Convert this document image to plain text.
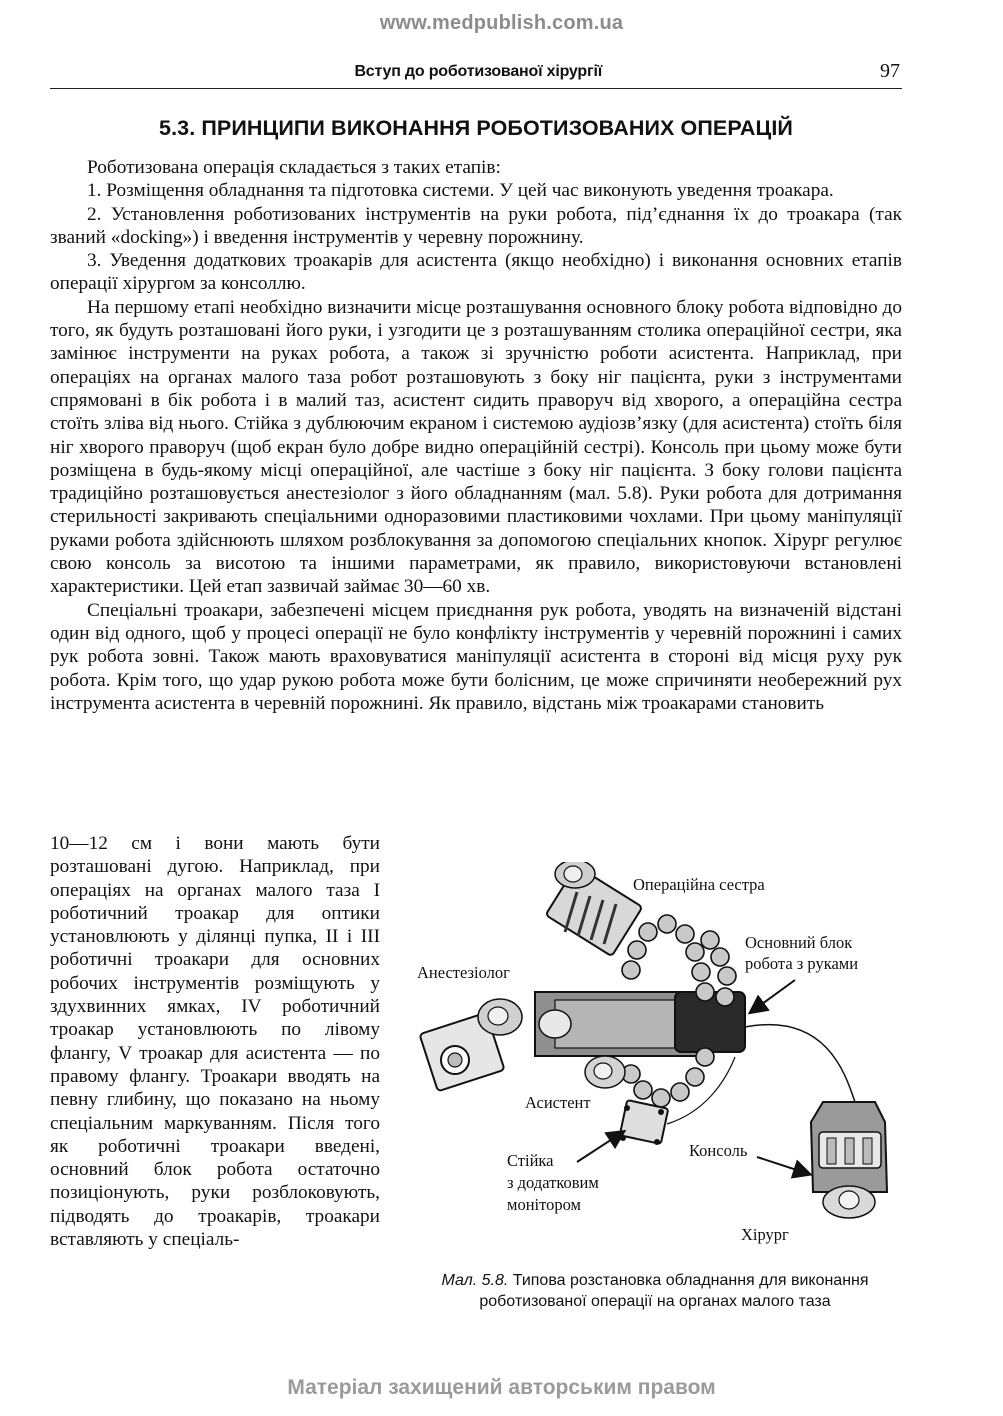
www.medpublish.com.ua
Вступ до роботизованої хірургії	97
5.3. ПРИНЦИПИ ВИКОНАННЯ РОБОТИЗОВАНИХ ОПЕРАЦІЙ

Роботизована операція складається з таких етапів:

1. Розміщення обладнання та підготовка системи. У цей час виконують уведення троакара.

2. Установлення роботизованих інструментів на руки робота, під’єднання їх до троакара (так званий «docking») і введення інструментів у черевну порожнину.

3. Уведення додаткових троакарів для асистента (якщо необхідно) і виконання основних етапів операції хірургом за консоллю.

На першому етапі необхідно визначити місце розташування основного блоку робота відповідно до того, як будуть розташовані його руки, і узгодити це з розташуванням столика операційної сестри, яка замінює інструменти на руках робота, а також зі зручністю роботи асистента. Наприклад, при операціях на органах малого таза робот розташовують з боку ніг пацієнта, руки з інструментами спрямовані в бік робота і в малий таз, асистент сидить праворуч від хворого, а операційна сестра стоїть зліва від нього. Стійка з дублюючим екраном і системою аудіозв’язку (для асистента) стоїть біля ніг хворого праворуч (щоб екран було добре видно операційній сестрі). Консоль при цьому може бути розміщена в будь-якому місці операційної, але частіше з боку ніг пацієнта. З боку голови пацієнта традиційно розташовується анестезіолог з його обладнанням (мал. 5.8). Руки робота для дотримання стерильності закривають спеціальними одноразовими пластиковими чохлами. При цьому маніпуляції руками робота здійснюють шляхом розблокування за допомогою спеціальних кнопок. Хірург регулює свою консоль за висотою та іншими параметрами, як правило, використовуючи встановлені характеристики. Цей етап зазвичай займає 30—60 хв.

Спеціальні троакари, забезпечені місцем приєднання рук робота, уводять на визначеній відстані один від одного, щоб у процесі операції не було конфлікту інструментів у черевній порожнині і самих рук робота зовні. Також мають враховуватися маніпуляції асистента в стороні від місця руху рук робота. Крім того, що удар рукою робота може бути болісним, це може спричиняти необережний рух інструмента асистента в черевній порожнині. Як правило, відстань між троакарами становить

10—12 см і вони мають бути розташовані дугою. Наприклад, при операціях на органах малого таза I роботичний троакар для оптики установлюють у ділянці пупка, II і III роботичні троакари для основних робочих інструментів розміщують у здухвинних ямках, IV роботичний троакар установлюють по лівому флангу, V троакар для асистента — по правому флангу. Троакари вводять на певну глибину, що показано на ньому спеціальним маркуванням. Після того як роботичні троакари введені, основний блок робота остаточно позиціонують, руки розблоковують, підводять до троакарів, троакари вставляють у спеціаль-
Операційна сестра
Основний блок
робота з руками
Анестезіолог
Асистент
Стійка
з додатковим
монітором
Консоль
Хірург
Мал. 5.8. Типова розстановка обладнання для виконання роботизованої операції на органах малого таза
Матеріал захищений авторським правом
